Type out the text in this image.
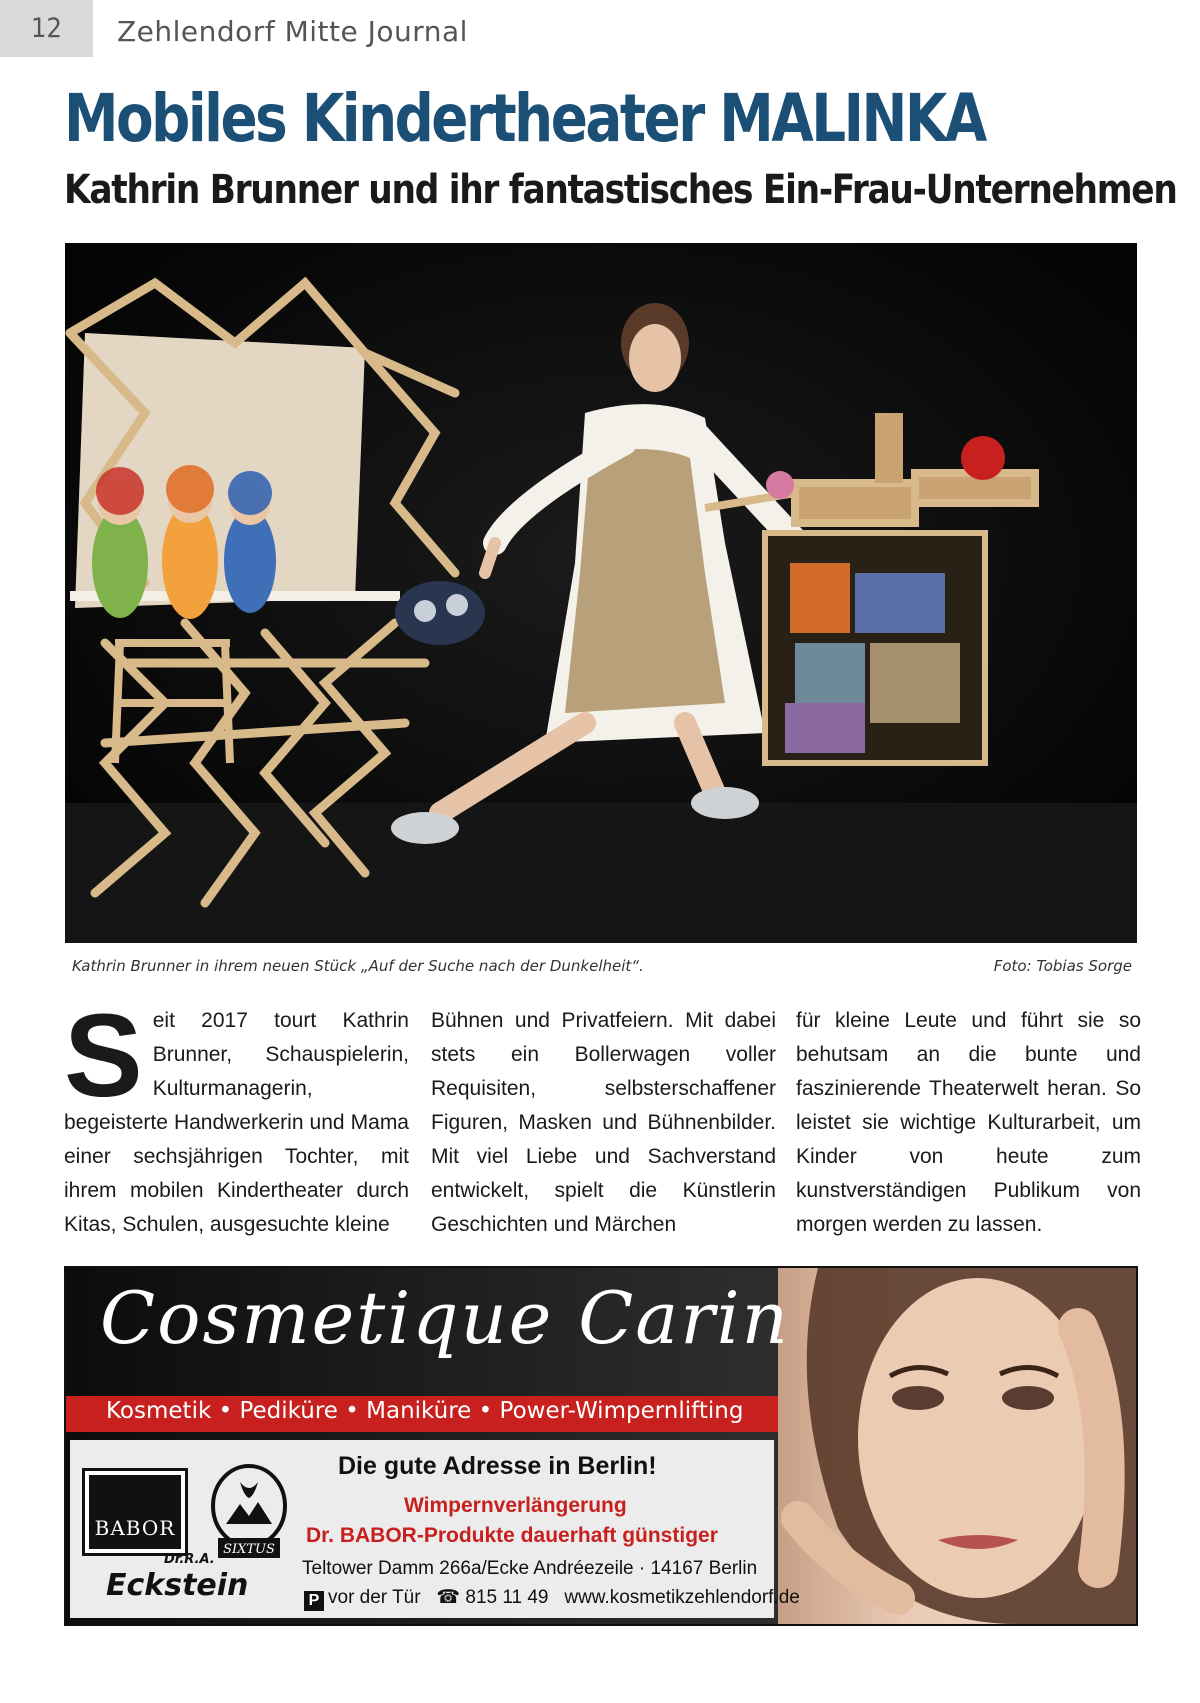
12	Zehlendorf Mitte Journal
Mobiles Kindertheater MALINKA
Kathrin Brunner und ihr fantastisches Ein-Frau-Unternehmen
Kathrin Brunner in ihrem neuen Stück „Auf der Suche nach der Dunkelheit“.	Foto: Tobias Sorge
Seit 2017 tourt Kathrin Brunner, Schauspielerin, Kulturmanagerin, begeisterte Handwerkerin und Mama einer sechsjährigen Tochter, mit ihrem mobilen Kindertheater durch Kitas, Schulen, ausgesuchte kleine
Bühnen und Privatfeiern. Mit dabei stets ein Bollerwagen voller Requisiten, selbsterschaffener Figuren, Masken und Bühnenbilder. Mit viel Liebe und Sachverstand entwickelt, spielt die Künstlerin Geschichten und Märchen
für kleine Leute und führt sie so behutsam an die bunte und faszinierende Theaterwelt heran. So leistet sie wichtige Kulturarbeit, um Kinder von heute zum kunstverständigen Publikum von morgen werden zu lassen.
Cosmetique Carin
Kosmetik • Pediküre • Maniküre • Power-Wimpernlifting
BABOR
SIXTUS
Dr.R.A.
Eckstein
Die gute Adresse in Berlin!
Wimpernverlängerung
Dr. BABOR-Produkte dauerhaft günstiger
Teltower Damm 266a/Ecke Andréezeile · 14167 Berlin
P vor der Tür ☎ 815 11 49 www.kosmetikzehlendorf.de
